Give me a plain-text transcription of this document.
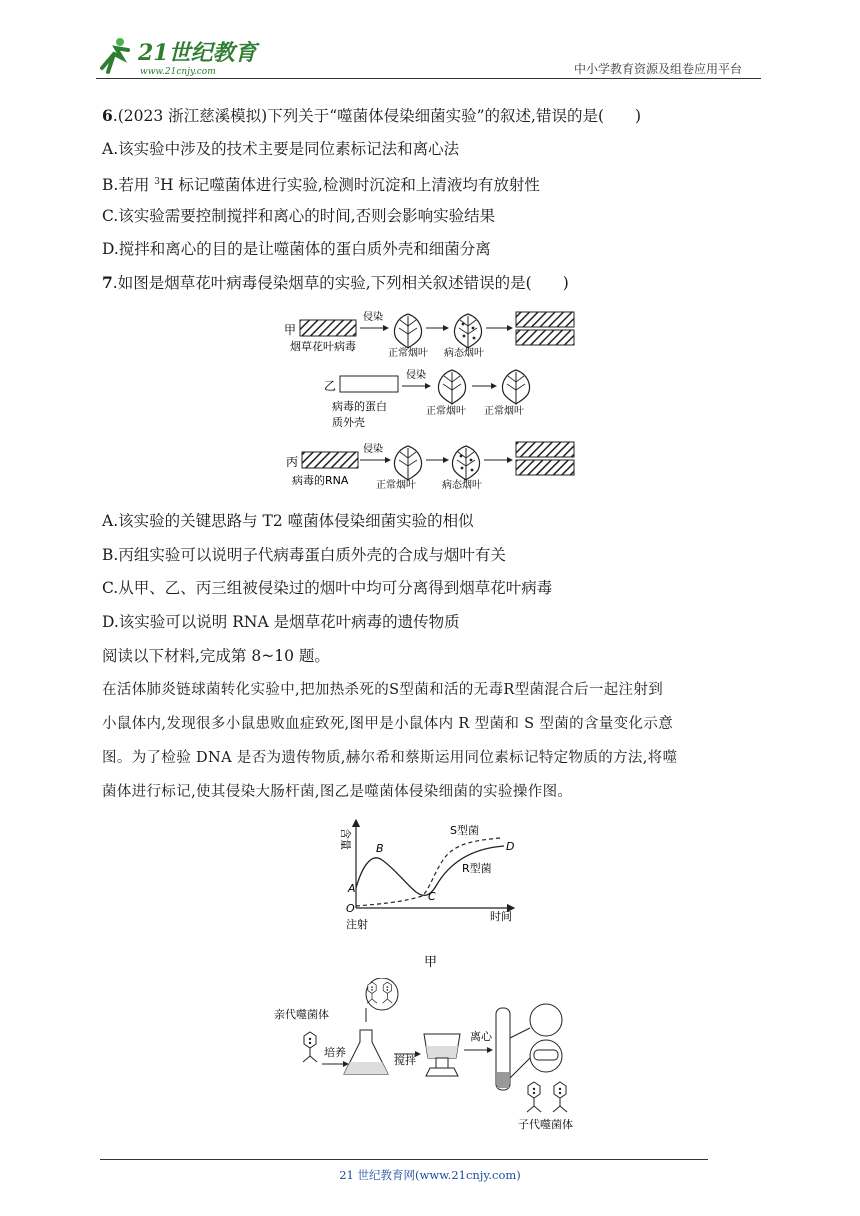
21世纪教育
www.21cnjy.com	中小学教育资源及组卷应用平台
6.(2023 浙江慈溪模拟)下列关于“噬菌体侵染细菌实验”的叙述,错误的是(　　)
A.该实验中涉及的技术主要是同位素标记法和离心法
B.若用 $^3$H 标记噬菌体进行实验,检测时沉淀和上清液均有放射性
C.该实验需要控制搅拌和离心的时间,否则会影响实验结果
D.搅拌和离心的目的是让噬菌体的蛋白质外壳和细菌分离
7.如图是烟草花叶病毒侵染烟草的实验,下列相关叙述错误的是(　　)
甲
烟草花叶病毒
侵染
正常烟叶 病态烟叶
乙
病毒的蛋白
质外壳
侵染
正常烟叶 正常烟叶
丙
病毒的RNA
侵染
正常烟叶	病态烟叶
A.该实验的关键思路与 T2 噬菌体侵染细菌实验的相似
B.丙组实验可以说明子代病毒蛋白质外壳的合成与烟叶有关
C.从甲、乙、丙三组被侵染过的烟叶中均可分离得到烟草花叶病毒
D.该实验可以说明 RNA 是烟草花叶病毒的遗传物质
阅读以下材料,完成第 8~10 题。
在活体肺炎链球菌转化实验中,把加热杀死的S型菌和活的无毒R型菌混合后一起注射到
小鼠体内,发现很多小鼠患败血症致死,图甲是小鼠体内 R 型菌和 S 型菌的含量变化示意
图。为了检验 DNA 是否为遗传物质,赫尔希和蔡斯运用同位素标记特定物质的方法,将噬
菌体进行标记,使其侵染大肠杆菌,图乙是噬菌体侵染细菌的实验操作图。
含量
时间
O
注射
S型菌
R型菌
A
B
C
D
甲
亲代噬菌体
培养
搅拌
离心
子代噬菌体
21 世纪教育网(www.21cnjy.com)
